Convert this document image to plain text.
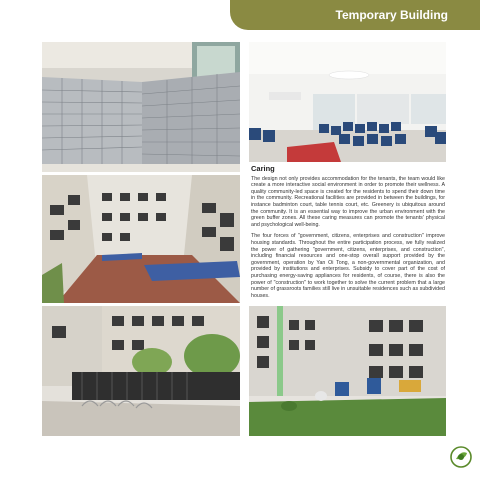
Temporary Building
Caring

The design not only provides accommodation for the tenants, the team would like create a more interactive social environment in order to promote their wellness. A quality community-led space is created for the residents to spend their down time in the community. Recreational facilities are provided in between the buildings, for instance badminton court, table tennis court, etc. Greenery is ubiquitous around the community. It is an essential way to improve the urban environment with the green buffer zones. All these caring measures can promote the tenants' physical and psychological well-being.

The four forces of "government, citizens, enterprises and construction" improve housing standards. Throughout the entire participation process, we fully realized the power of gathering "government, citizens, enterprises, and construction", including financial resources and one-stop overall support provided by the government, operation by Yan Oi Tong, a non-governmental organization, and provided by institutions and enterprises. Subsidy to cover part of the cost of purchasing energy-saving appliances for residents, of course, there is also the power of "construction" to work together to solve the current problem that a large number of grassroots families still live in unsuitable residences such as subdivided houses.
